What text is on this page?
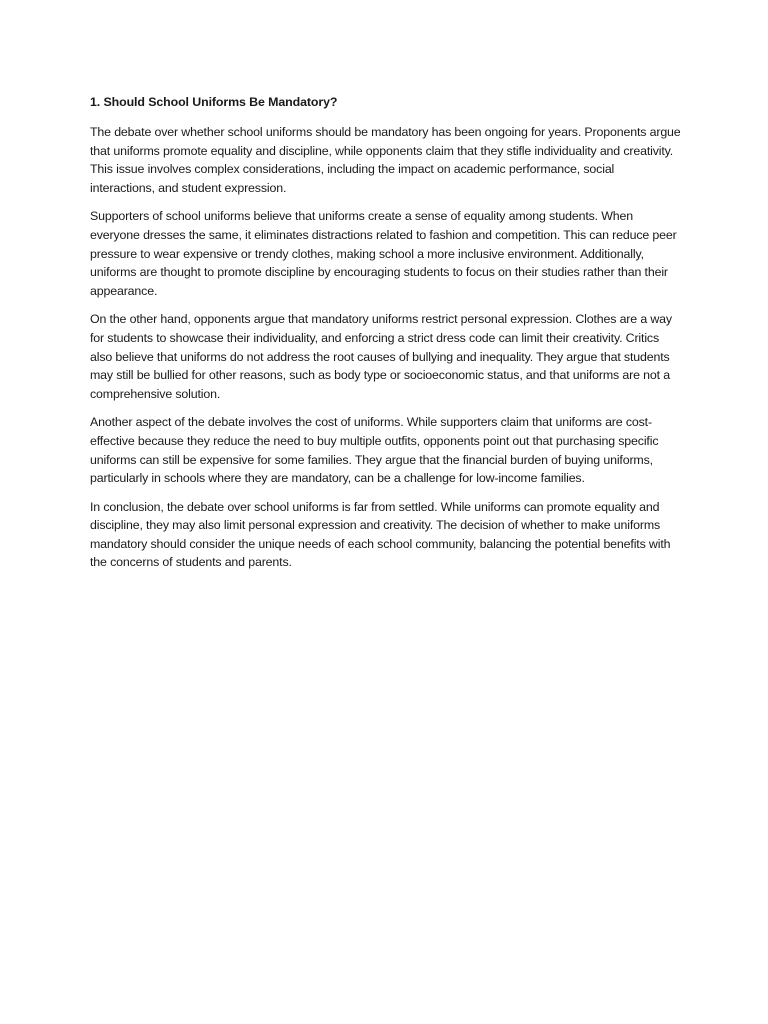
1. Should School Uniforms Be Mandatory?

The debate over whether school uniforms should be mandatory has been ongoing for years. Proponents argue that uniforms promote equality and discipline, while opponents claim that they stifle individuality and creativity. This issue involves complex considerations, including the impact on academic performance, social interactions, and student expression.

Supporters of school uniforms believe that uniforms create a sense of equality among students. When everyone dresses the same, it eliminates distractions related to fashion and competition. This can reduce peer pressure to wear expensive or trendy clothes, making school a more inclusive environment. Additionally, uniforms are thought to promote discipline by encouraging students to focus on their studies rather than their appearance.

On the other hand, opponents argue that mandatory uniforms restrict personal expression. Clothes are a way for students to showcase their individuality, and enforcing a strict dress code can limit their creativity. Critics also believe that uniforms do not address the root causes of bullying and inequality. They argue that students may still be bullied for other reasons, such as body type or socioeconomic status, and that uniforms are not a comprehensive solution.

Another aspect of the debate involves the cost of uniforms. While supporters claim that uniforms are cost-effective because they reduce the need to buy multiple outfits, opponents point out that purchasing specific uniforms can still be expensive for some families. They argue that the financial burden of buying uniforms, particularly in schools where they are mandatory, can be a challenge for low-income families.

In conclusion, the debate over school uniforms is far from settled. While uniforms can promote equality and discipline, they may also limit personal expression and creativity. The decision of whether to make uniforms mandatory should consider the unique needs of each school community, balancing the potential benefits with the concerns of students and parents.
